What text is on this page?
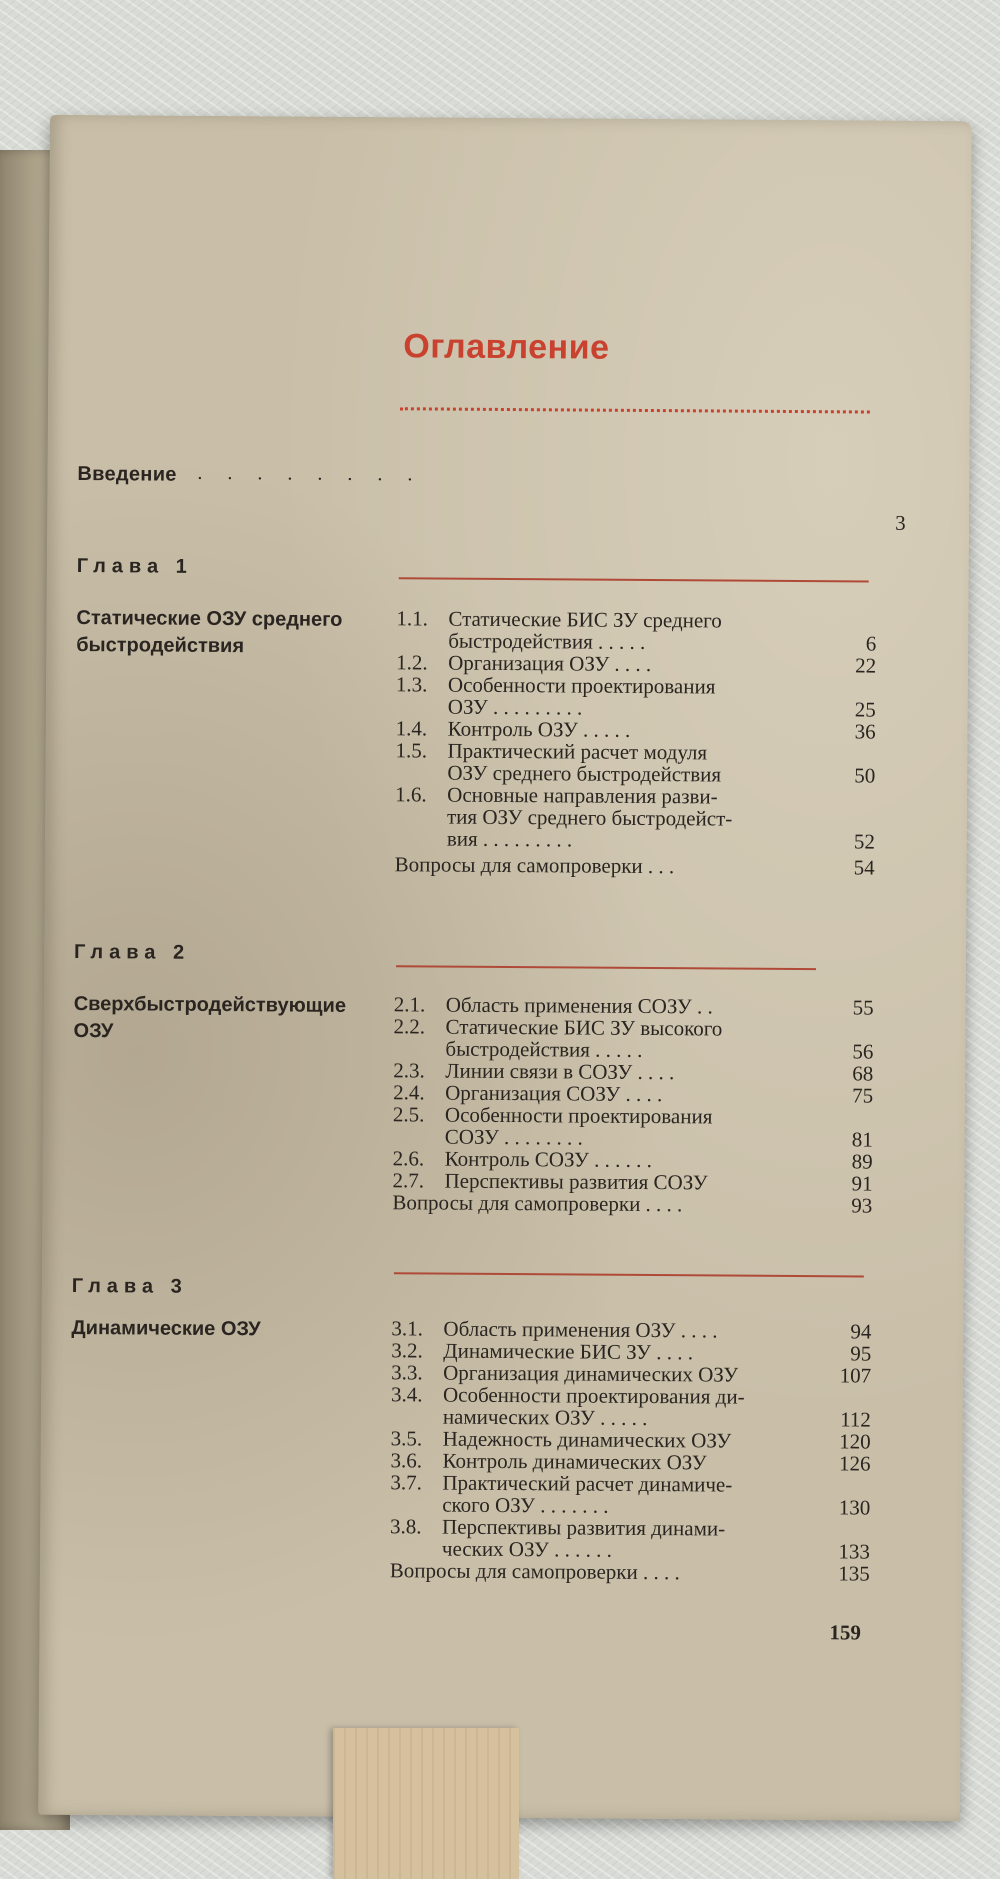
Оглавление
Введение . . . . . . . .
3
Глава 1
Статические ОЗУ среднего быстродействия
1.1. Статические БИС ЗУ среднего
быстродействия . . . . .	6
1.2. Организация ОЗУ . . . .	22
1.3. Особенности проектирования
ОЗУ . . . . . . . . .	25
1.4. Контроль ОЗУ . . . . .	36
1.5. Практический расчет модуля
ОЗУ среднего быстродействия	50
1.6. Основные направления разви-
тия ОЗУ среднего быстродейст-
вия . . . . . . . . .	52
Вопросы для самопроверки . . .	54
Глава 2
Сверхбыстродействующие ОЗУ
2.1. Область применения СОЗУ . .	55
2.2. Статические БИС ЗУ высокого
быстродействия . . . . .	56
2.3. Линии связи в СОЗУ . . . .	68
2.4. Организация СОЗУ . . . .	75
2.5. Особенности проектирования
СОЗУ . . . . . . . .	81
2.6. Контроль СОЗУ . . . . . .	89
2.7. Перспективы развития СОЗУ	91
Вопросы для самопроверки . . . .	93
Глава 3
Динамические ОЗУ	3.1. Область применения ОЗУ . . . .	94
3.2. Динамические БИС ЗУ . . . .	95
3.3. Организация динамических ОЗУ	107
3.4. Особенности проектирования ди-
намических ОЗУ . . . . .	112
3.5. Надежность динамических ОЗУ	120
3.6. Контроль динамических ОЗУ	126
3.7. Практический расчет динамиче-
ского ОЗУ . . . . . . .	130
3.8. Перспективы развития динами-
ческих ОЗУ . . . . . .	133
Вопросы для самопроверки . . . .	135
159
